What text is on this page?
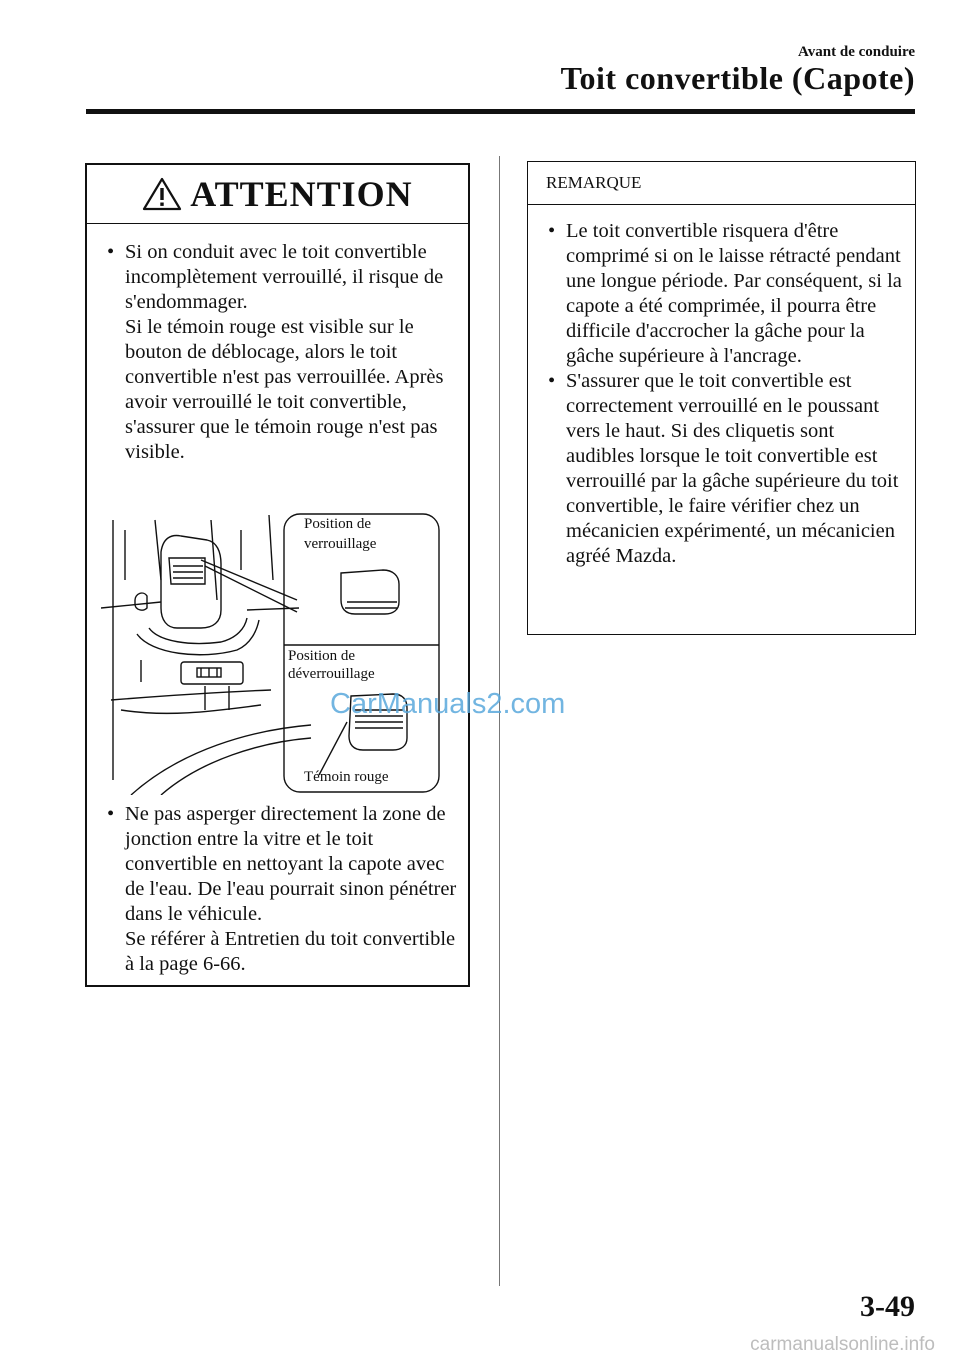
Avant de conduire
Toit convertible (Capote)
ATTENTION
• Si on conduit avec le toit convertible incomplètement verrouillé, il risque de s'endommager.

Si le témoin rouge est visible sur le bouton de déblocage, alors le toit convertible n'est pas verrouillée. Après avoir verrouillé le toit convertible, s'assurer que le témoin rouge n'est pas visible.

Position de
verrouillage
Position de
déverrouillage
Témoin rouge
• Ne pas asperger directement la zone de jonction entre la vitre et le toit convertible en nettoyant la capote avec de l'eau. De l'eau pourrait sinon pénétrer dans le véhicule.

Se référer à Entretien du toit convertible à la page 6-66.

REMARQUE
• Le toit convertible risquera d'être comprimé si on le laisse rétracté pendant une longue période. Par conséquent, si la capote a été comprimée, il pourra être difficile d'accrocher la gâche pour la gâche supérieure à l'ancrage.

• S'assurer que le toit convertible est correctement verrouillé en le poussant vers le haut. Si des cliquetis sont audibles lorsque le toit convertible est verrouillé par la gâche supérieure du toit convertible, le faire vérifier chez un mécanicien expérimenté, un mécanicien agréé Mazda.

CarManuals2.com
3-49
carmanualsonline.info
